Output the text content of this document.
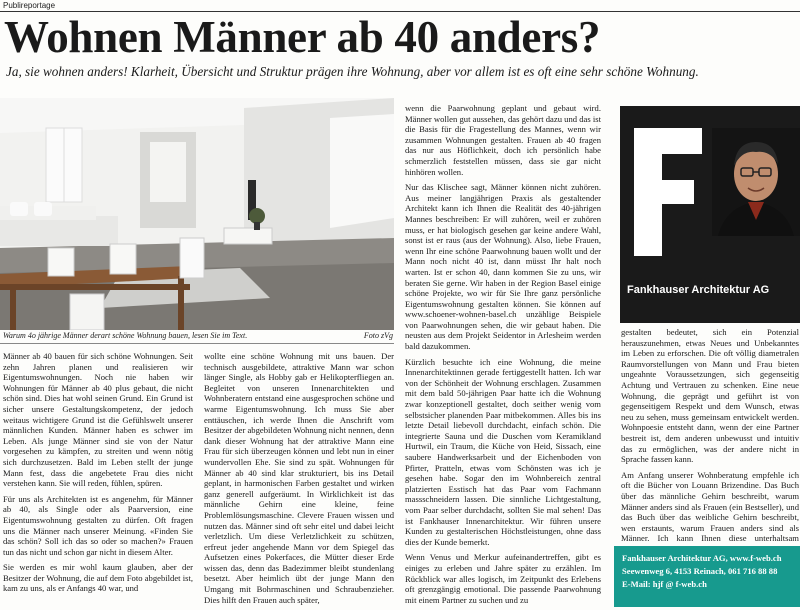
Publireportage
Wohnen Männer ab 40 anders?
Ja, sie wohnen anders! Klarheit, Übersicht und Struktur prägen ihre Wohnung, aber vor allem ist es oft eine sehr schöne Wohnung.
Warum 4o jährige Männer derart schöne Wohnung bauen, lesen Sie im Text.	Foto zVg

Männer ab 40 bauen für sich schöne Wohnungen. Seit zehn Jahren planen und realisieren wir Eigentumswohnungen. Noch nie haben wir Wohnungen für Männer ab 40 plus gebaut, die nicht schön sind. Dies hat wohl seinen Grund. Ein Grund ist sicher unsere Gestaltungskompetenz, der jedoch weitaus wichtigere Grund ist die Gefühlswelt unserer männlichen Kunden. Männer haben es schwer im Leben. Als junge Männer sind sie von der Natur vorgesehen zu kämpfen, zu streiten und wenn nötig sich durchzusetzen. Bald im Leben stellt der junge Mann fest, dass die angebetete Frau dies nicht verstehen kann. Sie will reden, fühlen, spüren.

Für uns als Architekten ist es angenehm, für Männer ab 40, als Single oder als Paarversion, eine Eigentumswohnung gestalten zu dürfen. Oft fragen uns die Männer nach unserer Meinung. «Finden Sie das schön? Soll ich das so oder so machen?» Frauen tun das nicht und schon gar nicht in diesem Alter.

Sie werden es mir wohl kaum glauben, aber der Besitzer der Wohnung, die auf dem Foto abgebildet ist, kam zu uns, als er Anfangs 40 war, und

wollte eine schöne Wohnung mit uns bauen. Der technisch ausgebildete, attraktive Mann war schon länger Single, als Hobby gab er Helikopterfliegen an. Begleitet von unseren Innenarchitekten und Wohnberatern entstand eine ausgesprochen schöne und warme Eigentumswohnung. Ich muss Sie aber enttäuschen, ich werde Ihnen die Anschrift vom Besitzer der abgebildeten Wohnung nicht nennen, denn dank dieser Wohnung hat der attraktive Mann eine Frau für sich überzeugen können und lebt nun in einer wundervollen Ehe. Sie sind zu spät. Wohnungen für Männer ab 40 sind klar strukturiert, bis ins Detail geplant, in harmonischen Farben gestaltet und wirken ganz generell aufgeräumt. In Wirklichkeit ist das männliche Gehirn eine kleine, feine Problemlösungsmaschine. Clevere Frauen wissen und nutzen das. Männer sind oft sehr eitel und dabei leicht verletzlich. Um diese Verletzlichkeit zu schützen, erfreut jeder angehende Mann vor dem Spiegel das Aufsetzen eines Pokerfaces, die Mütter dieser Erde wissen das, denn das Badezimmer bleibt stundenlang besetzt. Aber heimlich übt der junge Mann den Umgang mit Bohrmaschinen und Schraubenzieher. Dies hilft den Frauen auch später,

wenn die Paarwohnung geplant und gebaut wird. Männer wollen gut aussehen, das gehört dazu und das ist die Basis für die Fragestellung des Mannes, wenn wir zusammen Wohnungen gestalten. Frauen ab 40 fragen das nur aus Höflichkeit, doch ich persönlich habe schmerzlich feststellen müssen, dass sie gar nicht hinhören wollen.

Nur das Klischee sagt, Männer können nicht zuhören. Aus meiner langjährigen Praxis als gestaltender Architekt kann ich Ihnen die Realität des 40-jährigen Mannes beschreiben: Er will zuhören, weil er zuhören muss, er hat biologisch gesehen gar keine andere Wahl, sonst ist er raus (aus der Wohnung). Also, liebe Frauen, wenn Ihr eine schöne Paarwohnung bauen wollt und der Mann noch nicht 40 ist, dann müsst Ihr halt noch warten. Ist er schon 40, dann kommen Sie zu uns, wir beraten Sie gerne. Wir haben in der Region Basel einige schöne Projekte, wo wir für Sie Ihre ganz persönliche Eigentumswohnung gestalten können. Sie können auf www.schoener-wohnen-basel.ch unzählige Beispiele von Paarwohnungen sehen, die wir gebaut haben. Die neusten aus dem Projekt Seidentor in Arlesheim werden bald dazukommen.

Kürzlich besuchte ich eine Wohnung, die meine Innenarchitektinnen gerade fertiggestellt hatten. Ich war von der Schönheit der Wohnung erschlagen. Zusammen mit dem bald 50-jährigen Paar hatte ich die Wohnung zwar konzeptionell gestaltet, doch seither wenig vom selbstsicher planenden Paar mitbekommen. Alles bis ins letzte Detail liebevoll durchdacht, einfach schön. Die integrierte Sauna und die Duschen vom Keramikland Hurtwil, ein Traum, die Küche von Heid, Sissach, eine saubere Handwerksarbeit und der Eichenboden von Pfirter, Pratteln, etwas vom Schönsten was ich je gesehen habe. Sogar den im Wohnbereich zentral platzierten Esstisch hat das Paar vom Fachmann massschneidern lassen. Die sinnliche Lichtgestaltung, vom Paar selber durchdacht, sollten Sie mal sehen! Das ist Fankhauser Innenarchitektur. Wir führen unsere Kunden zu gestalterischen Höchstleistungen, ohne dass dies der Kunde bemerkt.

Wenn Venus und Merkur aufeinandertreffen, gibt es einiges zu erleben und Jahre später zu erzählen. Im Rückblick war alles logisch, im Zeitpunkt des Erlebens oft grenzgängig emotional. Die passende Paarwohnung mit einem Partner zu suchen und zu

gestalten bedeutet, sich ein Potenzial herauszunehmen, etwas Neues und Unbekanntes im Leben zu erforschen. Die oft völlig diametralen Raumvorstellungen von Mann und Frau bieten ungeahnte Voraussetzungen, sich gegenseitig Achtung und Vertrauen zu schenken. Eine neue Wohnung, die geprägt und geführt ist von gegenseitigem Respekt und dem Wunsch, etwas neu zu sehen, muss gemeinsam entwickelt werden. Wohnpoesie entsteht dann, wenn der eine Partner bestreit ist, dem anderen unbewusst und intuitiv das zu ermöglichen, was der andere nicht in Sprache fassen kann.

Am Anfang unserer Wohnberatung empfehle ich oft die Bücher von Louann Brizendine. Das Buch über das männliche Gehirn beschreibt, warum Männer anders sind als Frauen (ein Bestseller), und das Buch über das weibliche Gehirn beschreibt, wen erstaunts, warum Frauen anders sind als Männer. Ich kann Ihnen diese unterhaltsam

Fankhauser Architektur AG
Fankhauser Architektur AG, www.f-web.ch
Seewenweg 6, 4153 Reinach, 061 716 88 88
E-Mail: hjf @ f-web.ch
